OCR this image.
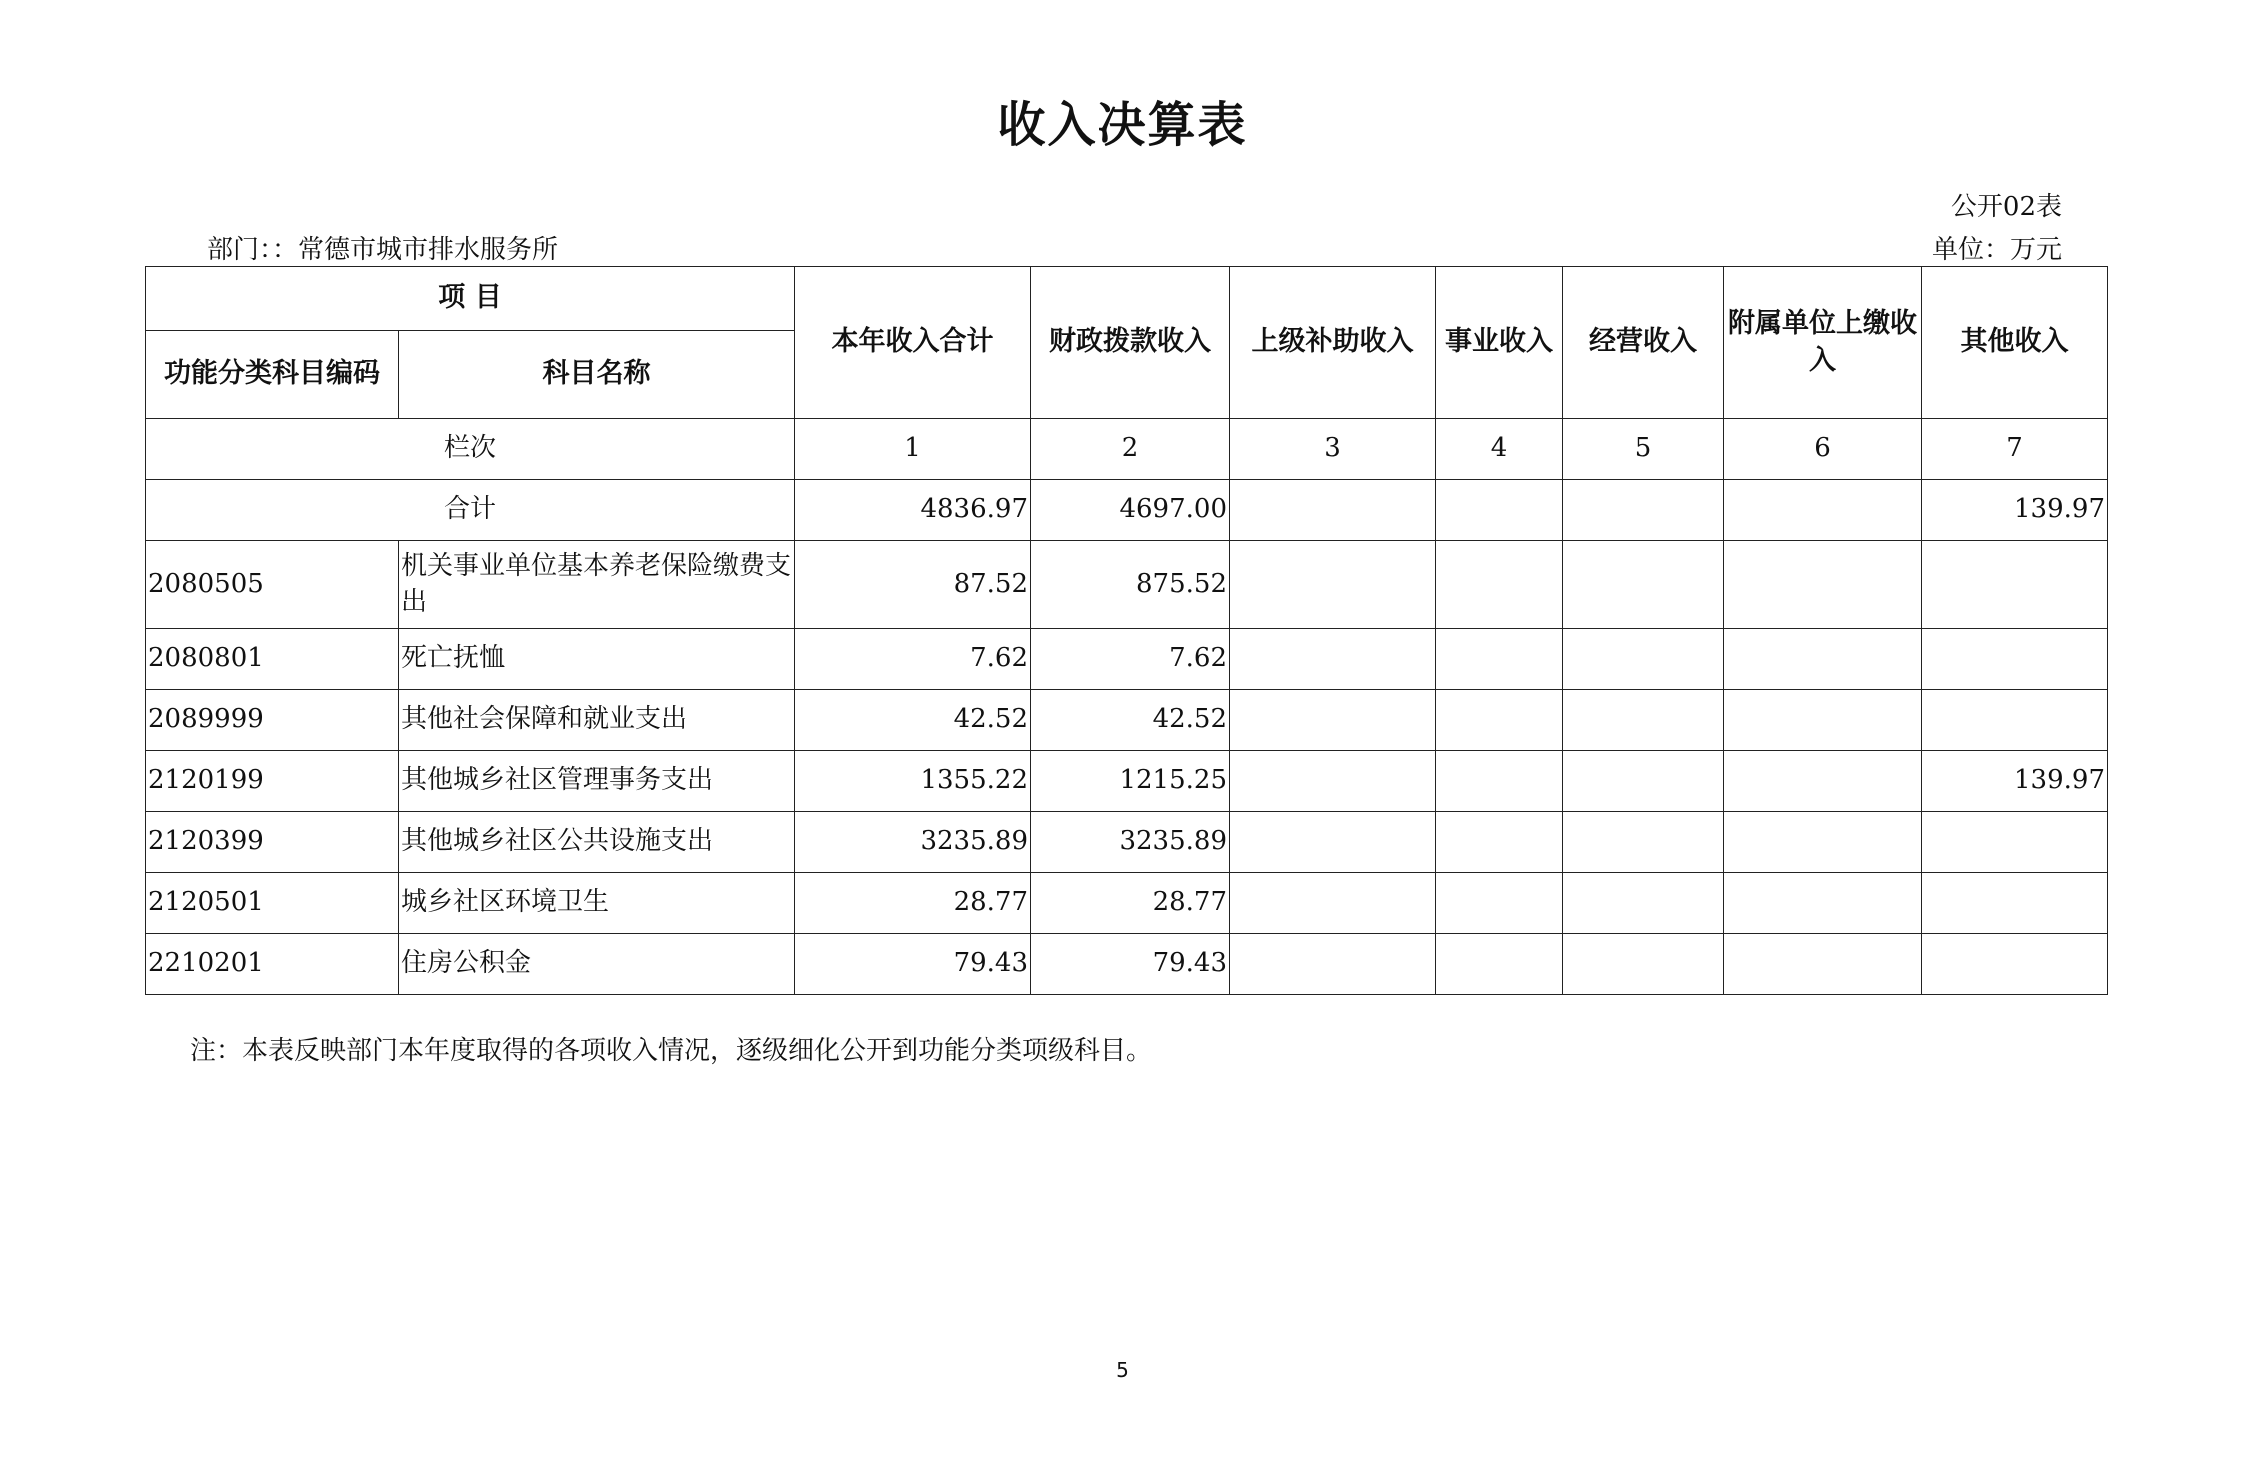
收入决算表
公开02表
部门：：常德市城市排水服务所	单位：万元
项 目		本年收入合计	财政拨款收入	上级补助收入	事业收入	经营收入	附属单位上缴收入	其他收入
功能分类科目编码	科目名称							
栏次		1	2	3	4	5	6	7
合计		4836.97	4697.00					139.97
2080505	机关事业单位基本养老保险缴费支出	87.52	875.52					
2080801	死亡抚恤	7.62	7.62					
2089999	其他社会保障和就业支出	42.52	42.52					
2120199	其他城乡社区管理事务支出	1355.22	1215.25					139.97
2120399	其他城乡社区公共设施支出	3235.89	3235.89					
2120501	城乡社区环境卫生	28.77	28.77					
2210201	住房公积金	79.43	79.43					
注：本表反映部门本年度取得的各项收入情况，逐级细化公开到功能分类项级科目。
5
